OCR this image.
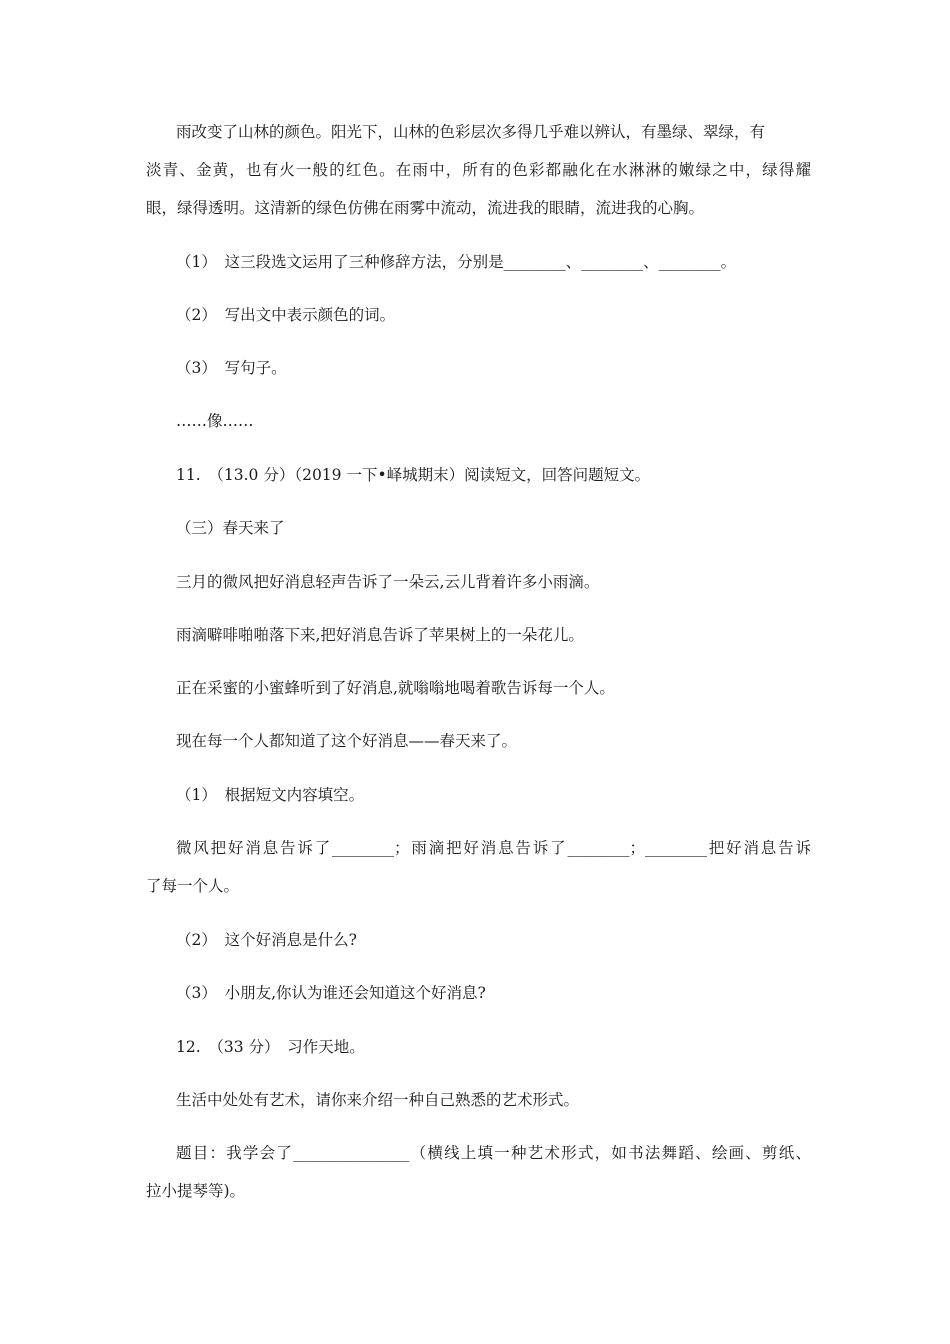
雨改变了山林的颜色。阳光下，山林的色彩层次多得几乎难以辨认，有墨绿、翠绿，有

淡青、金黄，也有火一般的红色。在雨中，所有的色彩都融化在水淋淋的嫩绿之中，绿得耀

眼，绿得透明。这清新的绿色仿佛在雨雾中流动，流进我的眼睛，流进我的心胸。

（1）　这三段选文运用了三种修辞方法，分别是________、________、________。

（2）　写出文中表示颜色的词。

（3）　写句子。

……像……

11.　（13.0 分）（2019 一下•峄城期末）阅读短文，回答问题短文。

（三）春天来了

三月的微风把好消息轻声告诉了一朵云,云儿背着许多小雨滴。

雨滴噼啡啪啪落下来,把好消息告诉了苹果树上的一朵花儿。

正在采蜜的小蜜蜂听到了好消息,就嗡嗡地喝着歌告诉每一个人。

现在每一个人都知道了这个好消息——春天来了。

（1）　根据短文内容填空。

微风把好消息告诉了________；雨滴把好消息告诉了________；________把好消息告诉

了每一个人。

（2）　这个好消息是什么?

（3）　小朋友,你认为谁还会知道这个好消息?

12.　（33 分）　习作天地。

生活中处处有艺术，请你来介绍一种自己熟悉的艺术形式。

题目：我学会了_______________（横线上填一种艺术形式，如书法舞蹈、绘画、剪纸、

拉小提琴等)。
